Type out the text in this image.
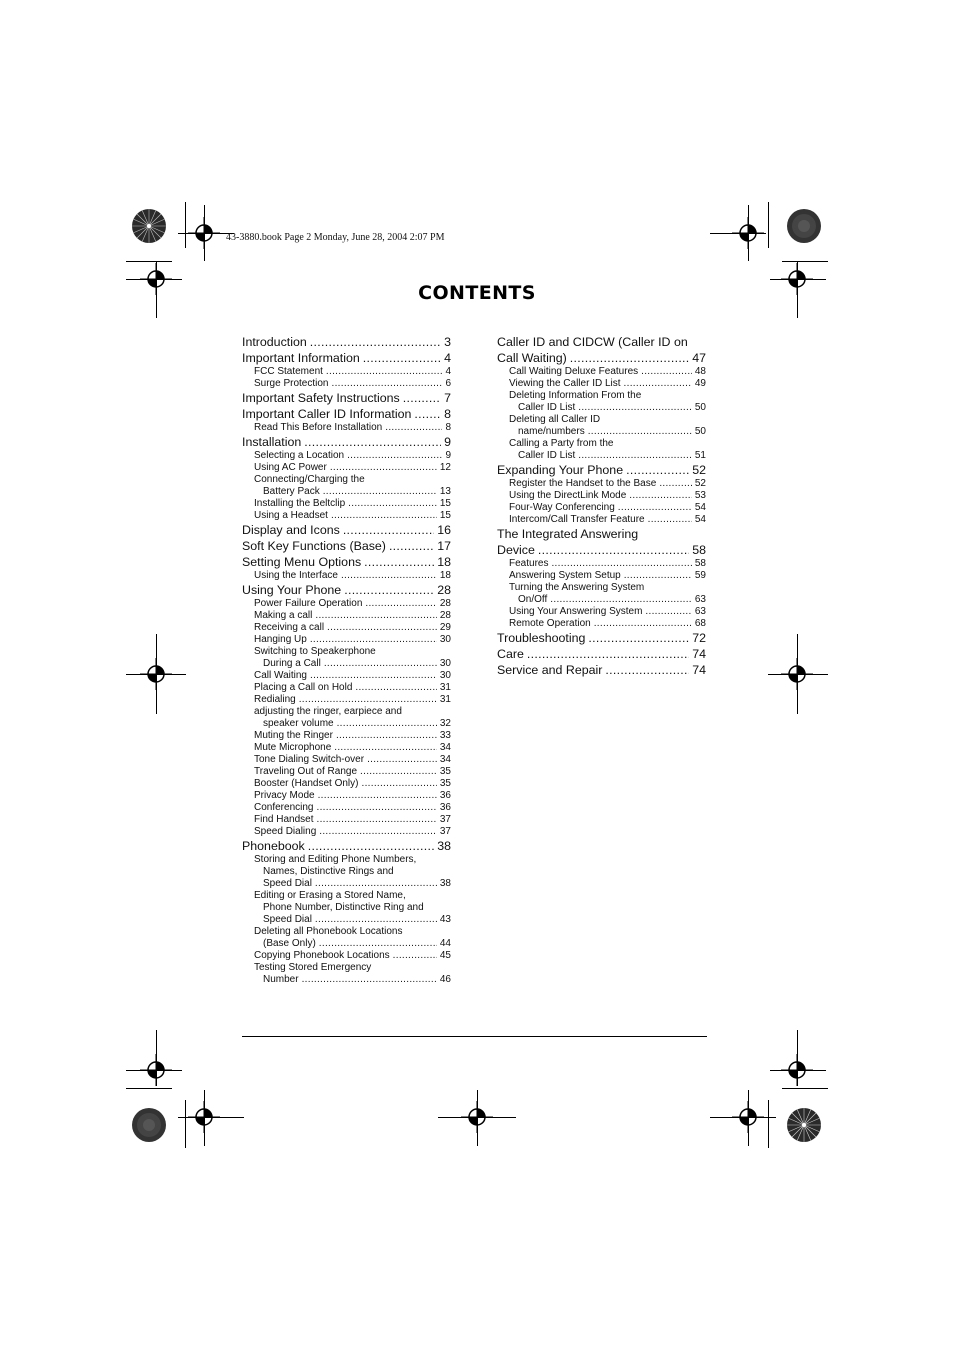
43-3880.book Page 2 Monday, June 28, 2004 2:07 PM
CONTENTS
Introduction .....	3
Important Information .....	4
FCC Statement .....	4
Surge Protection .....	6
Important Safety Instructions .....	7
Important Caller ID Information .....	8
Read This Before Installation .....	8
Installation .....	9
Selecting a Location .....	9
Using AC Power .....	12
Connecting/Charging the
Battery Pack .....	13
Installing the Beltclip .....	15
Using a Headset .....	15
Display and Icons .....	16
Soft Key Functions (Base) .....	17
Setting Menu Options .....	18
Using the Interface .....	18
Using Your Phone .....	28
Power Failure Operation .....	28
Making a call .....	28
Receiving a call .....	29
Hanging Up .....	30
Switching to Speakerphone
During a Call .....	30
Call Waiting .....	30
Placing a Call on Hold .....	31
Redialing .....	31
adjusting the ringer, earpiece and
speaker volume .....	32
Muting the Ringer .....	33
Mute Microphone .....	34
Tone Dialing Switch-over .....	34
Traveling Out of Range .....	35
Booster (Handset Only) .....	35
Privacy Mode .....	36
Conferencing .....	36
Find Handset .....	37
Speed Dialing .....	37
Phonebook .....	38
Storing and Editing Phone Numbers,
Names, Distinctive Rings and
Speed Dial .....	38
Editing or Erasing a Stored Name,
Phone Number, Distinctive Ring and
Speed Dial .....	43
Deleting all Phonebook Locations
(Base Only) .....	44
Copying Phonebook Locations .....	45
Testing Stored Emergency
Number .....	46
Caller ID and CIDCW (Caller ID on
Call Waiting) .....	47
Call Waiting Deluxe Features .....	48
Viewing the Caller ID List .....	49
Deleting Information From the
Caller ID List .....	50
Deleting all Caller ID
name/numbers .....	50
Calling a Party from the
Caller ID List .....	51
Expanding Your Phone .....	52
Register the Handset to the Base .....	52
Using the DirectLink Mode .....	53
Four-Way Conferencing .....	54
Intercom/Call Transfer Feature .....	54
The Integrated Answering
Device .....	58
Features .....	58
Answering System Setup .....	59
Turning the Answering System
On/Off .....	63
Using Your Answering System .....	63
Remote Operation .....	68
Troubleshooting .....	72
Care .....	74
Service and Repair .....	74
